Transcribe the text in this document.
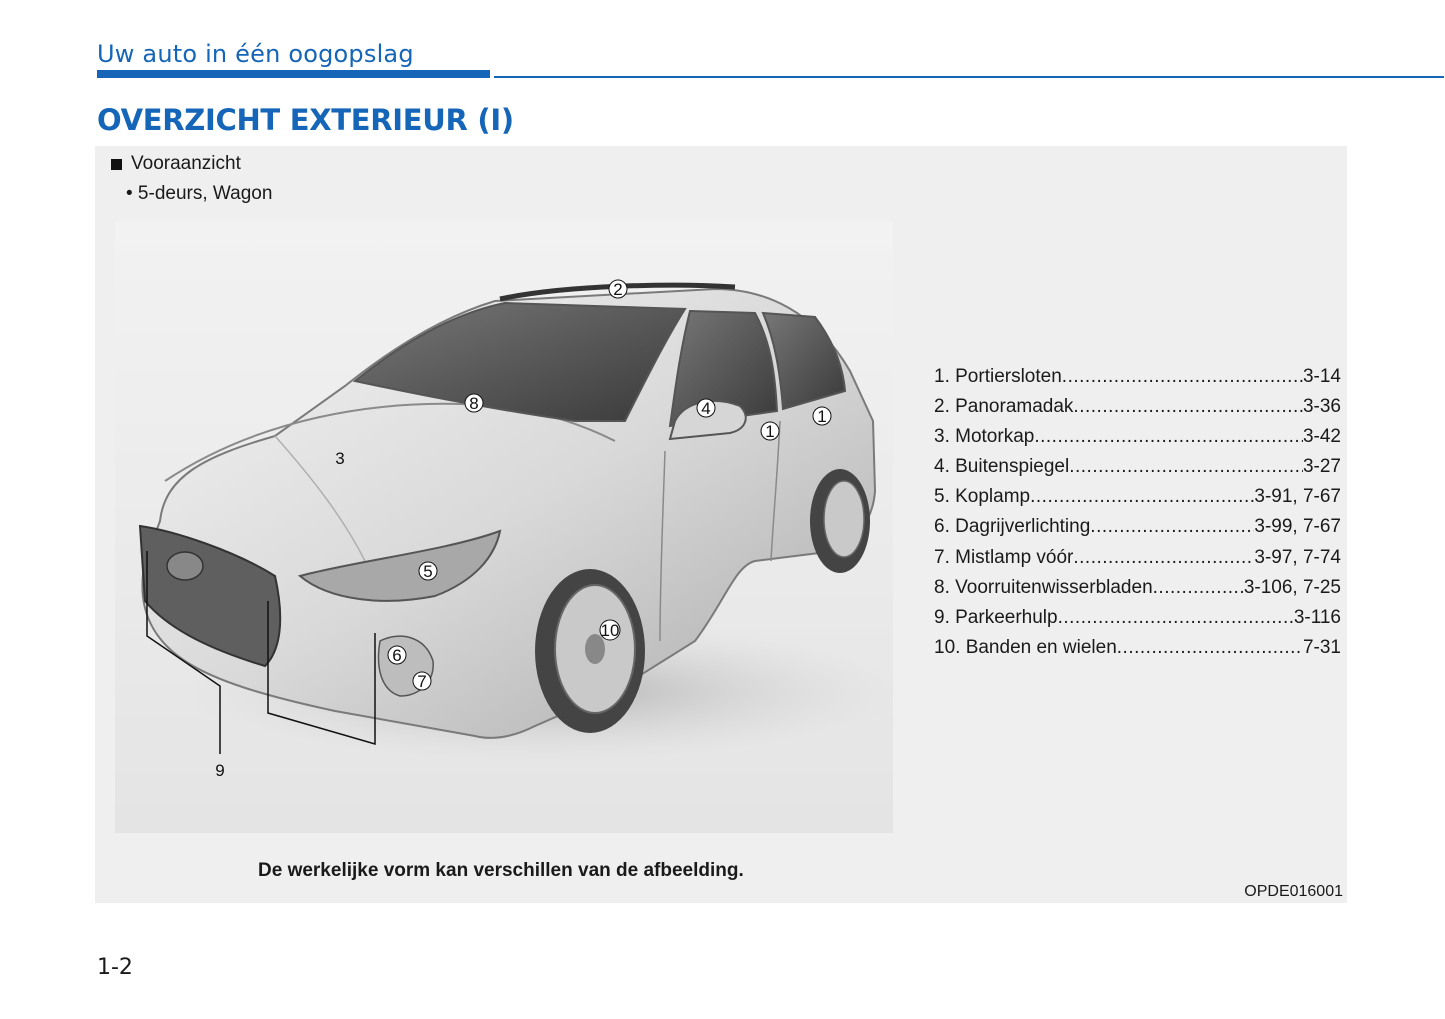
Uw auto in één oogopslag
OVERZICHT EXTERIEUR (I)
Vooraanzicht
• 5-deurs, Wagon
2
8
3
4
1
1
5
6
7
9
10
1. Portiersloten .....	3-14
2. Panoramadak .....	3-36
3. Motorkap .....	3-42
4. Buitenspiegel .....	3-27
5. Koplamp .....	3-91, 7-67
6. Dagrijverlichting .....	3-99, 7-67
7. Mistlamp vóór .....	3-97, 7-74
8. Voorruitenwisserbladen .....	3-106, 7-25
9. Parkeerhulp .....	3-116
10. Banden en wielen .....	7-31
De werkelijke vorm kan verschillen van de afbeelding.
OPDE016001
1-2
